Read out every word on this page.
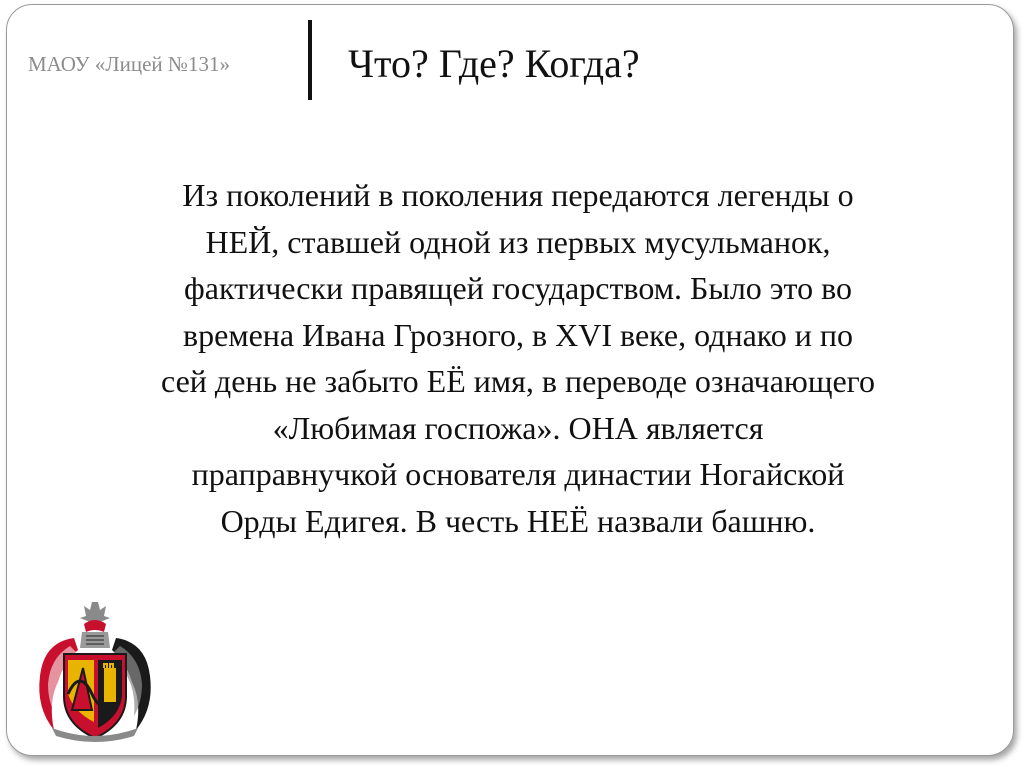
МАОУ «Лицей №131»	Что? Где? Когда?
Из поколений в поколения передаются легенды о
НЕЙ, ставшей одной из первых мусульманок,
фактически правящей государством. Было это во
времена Ивана Грозного, в XVI веке, однако и по
сей день не забыто ЕЁ имя, в переводе означающего
«Любимая госпожа». ОНА является
праправнучкой основателя династии Ногайской
Орды Едигея. В честь НЕЁ назвали башню.
